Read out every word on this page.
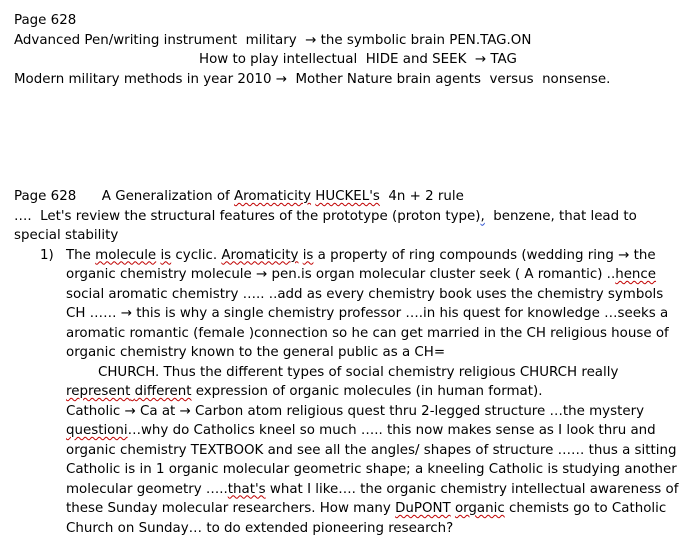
Page 628
Advanced Pen/writing instrument  military  → the symbolic brain PEN.TAG.ON
How to play intellectual  HIDE and SEEK  → TAG
Modern military methods in year 2010 →  Mother Nature brain agents  versus  nonsense.
Page 628      A Generalization of Aromaticity HUCKEL's  4n + 2 rule
….  Let's review the structural features of the prototype (proton type),  benzene, that lead to
special stability
1) The molecule is cyclic. Aromaticity is a property of ring compounds (wedding ring → the organic chemistry molecule → pen.is organ molecular cluster seek ( A romantic) ..hence social aromatic chemistry ….. ..add as every chemistry book uses the chemistry symbols CH …… → this is why a single chemistry professor ….in his quest for knowledge …seeks a aromatic romantic (female )connection so he can get married in the CH religious house of organic chemistry known to the general public as a CH=
CHURCH. Thus the different types of social chemistry religious CHURCH really
represent different expression of organic molecules (in human format).
Catholic → Ca at → Carbon atom religious quest thru 2-legged structure …the mystery questioni…why do Catholics kneel so much ….. this now makes sense as I look thru and organic chemistry TEXTBOOK and see all the angles/ shapes of structure …… thus a sitting Catholic is in 1 organic molecular geometric shape; a kneeling Catholic is studying another molecular geometry …..that's what I like…. the organic chemistry intellectual awareness of these Sunday molecular researchers. How many DuPONT organic chemists go to Catholic Church on Sunday… to do extended pioneering research?
